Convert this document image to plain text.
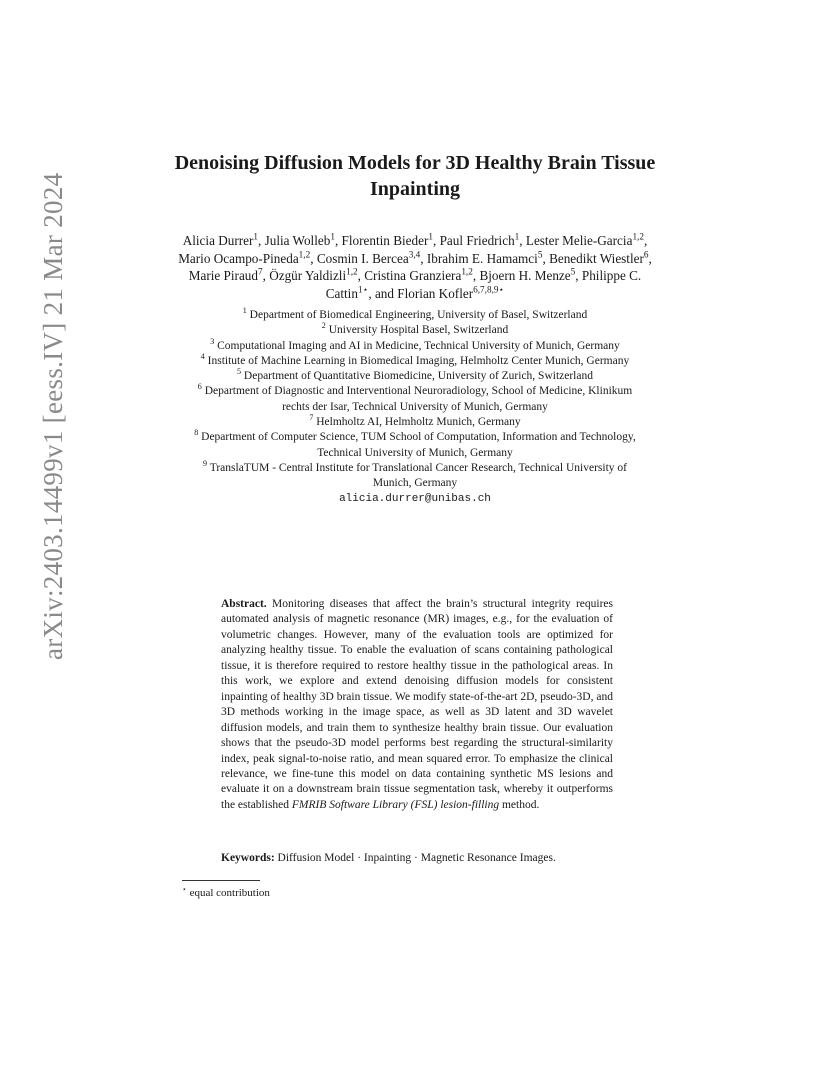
arXiv:2403.14499v1 [eess.IV] 21 Mar 2024
Denoising Diffusion Models for 3D Healthy Brain Tissue Inpainting
Alicia Durrer$^1$, Julia Wolleb$^1$, Florentin Bieder$^1$, Paul Friedrich$^1$, Lester Melie-Garcia$^{1,2}$, Mario Ocampo-Pineda$^{1,2}$, Cosmin I. Bercea$^{3,4}$, Ibrahim E. Hamamci$^5$, Benedikt Wiestler$^6$, Marie Piraud$^7$, Özgür Yaldizli$^{1,2}$, Cristina Granziera$^{1,2}$, Bjoern H. Menze$^5$, Philippe C. Cattin$^{1⋆}$, and Florian Kofler$^{6,7,8,9⋆}$
$^1$ Department of Biomedical Engineering, University of Basel, Switzerland
$^2$ University Hospital Basel, Switzerland
$^3$ Computational Imaging and AI in Medicine, Technical University of Munich, Germany
$^4$ Institute of Machine Learning in Biomedical Imaging, Helmholtz Center Munich, Germany
$^5$ Department of Quantitative Biomedicine, University of Zurich, Switzerland
$^6$ Department of Diagnostic and Interventional Neuroradiology, School of Medicine, Klinikum rechts der Isar, Technical University of Munich, Germany
$^7$ Helmholtz AI, Helmholtz Munich, Germany
$^8$ Department of Computer Science, TUM School of Computation, Information and Technology, Technical University of Munich, Germany
$^9$ TranslaTUM - Central Institute for Translational Cancer Research, Technical University of Munich, Germany
alicia.durrer@unibas.ch
Abstract. Monitoring diseases that affect the brain’s structural integrity requires automated analysis of magnetic resonance (MR) images, e.g., for the evaluation of volumetric changes. However, many of the evaluation tools are optimized for analyzing healthy tissue. To enable the evaluation of scans containing pathological tissue, it is therefore required to restore healthy tissue in the pathological areas. In this work, we explore and extend denoising diffusion models for consistent inpainting of healthy 3D brain tissue. We modify state-of-the-art 2D, pseudo-3D, and 3D methods working in the image space, as well as 3D latent and 3D wavelet diffusion models, and train them to synthesize healthy brain tissue. Our evaluation shows that the pseudo-3D model performs best regarding the structural-similarity index, peak signal-to-noise ratio, and mean squared error. To emphasize the clinical relevance, we fine-tune this model on data containing synthetic MS lesions and evaluate it on a downstream brain tissue segmentation task, whereby it outperforms the established FMRIB Software Library (FSL) lesion-filling method.
Keywords: Diffusion Model · Inpainting · Magnetic Resonance Images.
⋆ equal contribution
